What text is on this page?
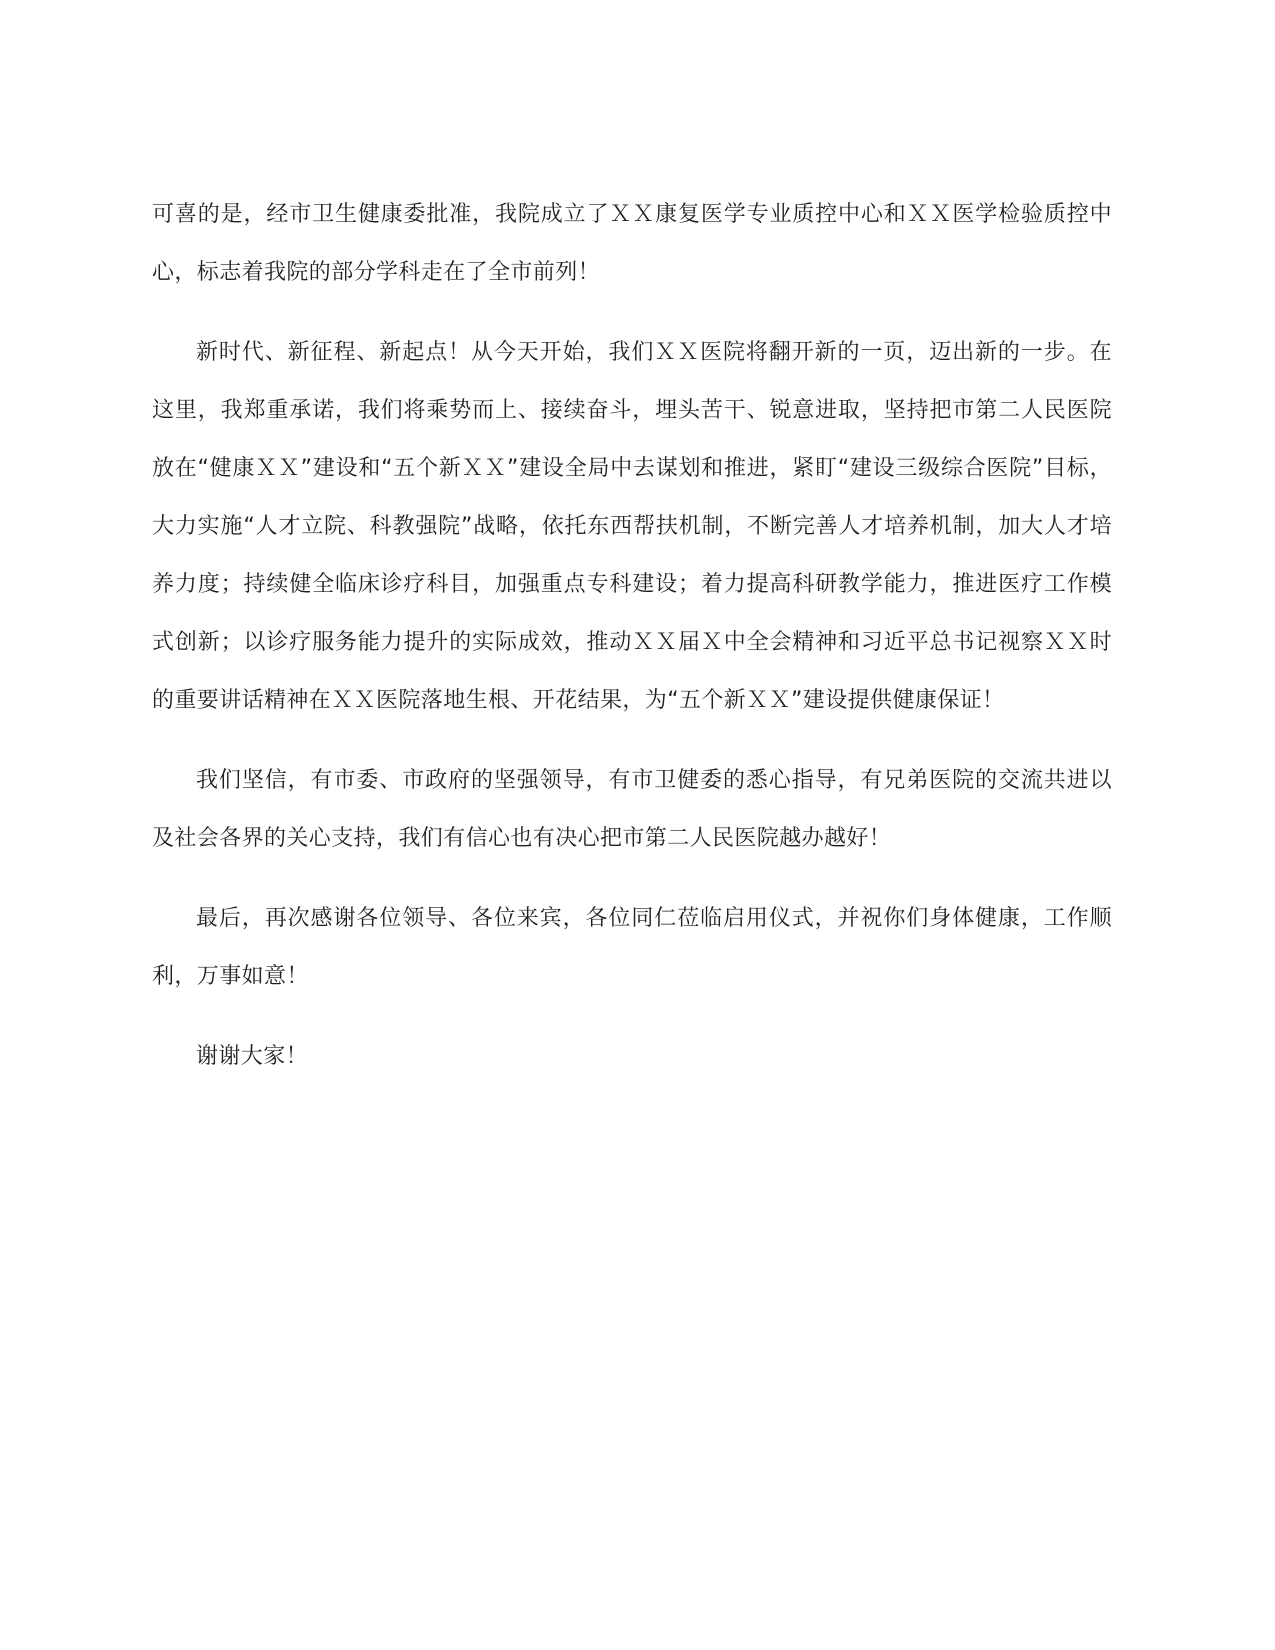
可喜的是，经市卫生健康委批准，我院成立了ＸＸ康复医学专业质控中心和ＸＸ医学检验质控中心，标志着我院的部分学科走在了全市前列！

新时代、新征程、新起点！从今天开始，我们ＸＸ医院将翻开新的一页，迈出新的一步。在这里，我郑重承诺，我们将乘势而上、接续奋斗，埋头苦干、锐意进取，坚持把市第二人民医院放在“健康ＸＸ”建设和“五个新ＸＸ”建设全局中去谋划和推进，紧盯“建设三级综合医院”目标，大力实施“人才立院、科教强院”战略，依托东西帮扶机制，不断完善人才培养机制，加大人才培养力度；持续健全临床诊疗科目，加强重点专科建设；着力提高科研教学能力，推进医疗工作模式创新；以诊疗服务能力提升的实际成效，推动ＸＸ届Ｘ中全会精神和习近平总书记视察ＸＸ时的重要讲话精神在ＸＸ医院落地生根、开花结果，为“五个新ＸＸ”建设提供健康保证！

我们坚信，有市委、市政府的坚强领导，有市卫健委的悉心指导，有兄弟医院的交流共进以及社会各界的关心支持，我们有信心也有决心把市第二人民医院越办越好！

最后，再次感谢各位领导、各位来宾，各位同仁莅临启用仪式，并祝你们身体健康，工作顺利，万事如意！

谢谢大家！
